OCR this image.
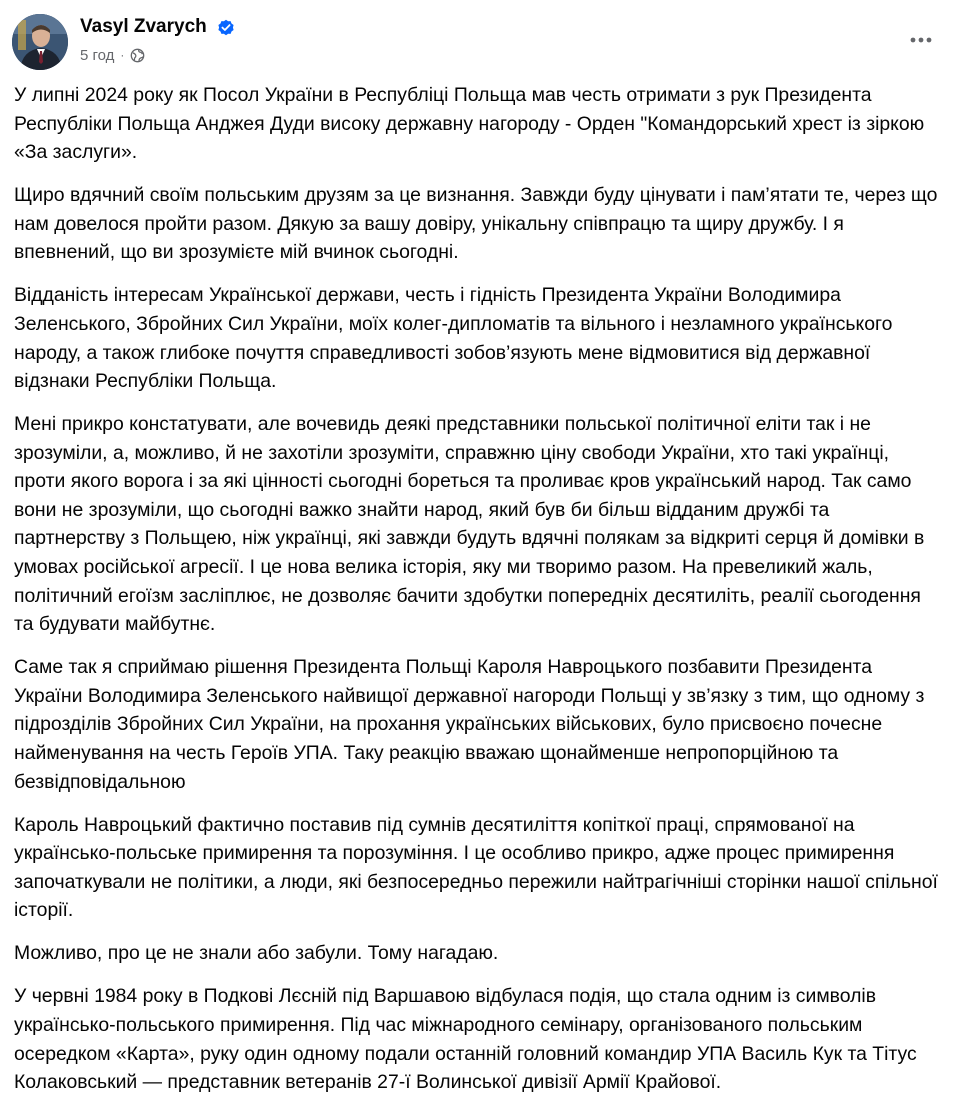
Vasyl Zvarych
5 год ·

У липні 2024 року як Посол України в Республіці Польща мав честь отримати з рук Президента Республіки Польща Анджея Дуди високу державну нагороду - Орден "Командорський хрест із зіркою «За заслуги».

Щиро вдячний своїм польським друзям за це визнання. Завжди буду цінувати і пам’ятати те, через що нам довелося пройти разом. Дякую за вашу довіру, унікальну співпрацю та щиру дружбу. І я впевнений, що ви зрозумієте мій вчинок сьогодні.

Відданість інтересам Української держави, честь і гідність Президента України Володимира Зеленського, Збройних Сил України, моїх колег-дипломатів та вільного і незламного українського народу, а також глибоке почуття справедливості зобов’язують мене відмовитися від державної відзнаки Республіки Польща.

Мені прикро констатувати, але вочевидь деякі представники польської політичної еліти так і не зрозуміли, а, можливо, й не захотіли зрозуміти, справжню ціну свободи України, хто такі українці, проти якого ворога і за які цінності сьогодні бореться та проливає кров український народ. Так само вони не зрозуміли, що сьогодні важко знайти народ, який був би більш відданим дружбі та партнерству з Польщею, ніж українці, які завжди будуть вдячні полякам за відкриті серця й домівки в умовах російської агресії. І це нова велика історія, яку ми творимо разом. На превеликий жаль, політичний егоїзм засліплює, не дозволяє бачити здобутки попередніх десятиліть, реалії сьогодення та будувати майбутнє.

Саме так я сприймаю рішення Президента Польщі Кароля Навроцького позбавити Президента України Володимира Зеленського найвищої державної нагороди Польщі у зв’язку з тим, що одному з підрозділів Збройних Сил України, на прохання українських військових, було присвоєно почесне найменування на честь Героїв УПА. Таку реакцію вважаю щонайменше непропорційною та безвідповідальною

Кароль Навроцький фактично поставив під сумнів десятиліття копіткої праці, спрямованої на українсько-польське примирення та порозуміння. І це особливо прикро, адже процес примирення започаткували не політики, а люди, які безпосередньо пережили найтрагічніші сторінки нашої спільної історії.

Можливо, про це не знали або забули. Тому нагадаю.

У червні 1984 року в Подкові Лєсній під Варшавою відбулася подія, що стала одним із символів українсько-польського примирення. Під час міжнародного семінару, організованого польським осередком «Карта», руку один одному подали останній головний командир УПА Василь Кук та Тітус Колаковський — представник ветеранів 27-ї Волинської дивізії Армії Крайової.
